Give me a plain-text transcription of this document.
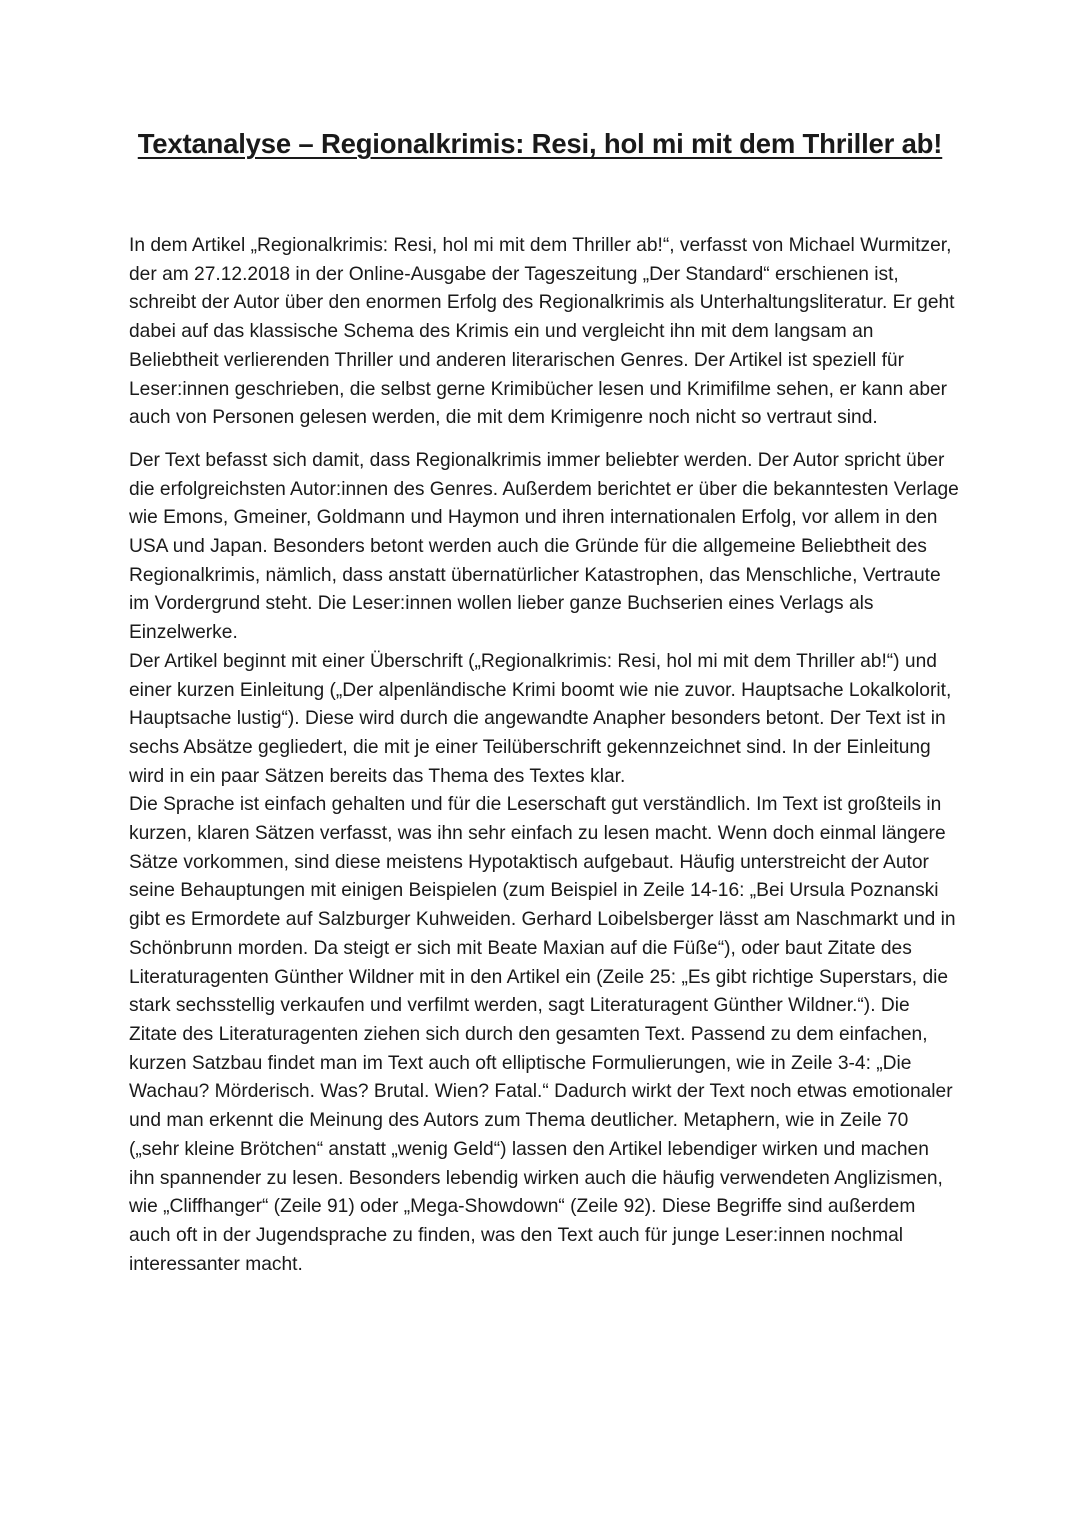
Textanalyse – Regionalkrimis: Resi, hol mi mit dem Thriller ab!

In dem Artikel „Regionalkrimis: Resi, hol mi mit dem Thriller ab!“, verfasst von Michael Wurmitzer, der am 27.12.2018 in der Online-Ausgabe der Tageszeitung „Der Standard“ erschienen ist, schreibt der Autor über den enormen Erfolg des Regionalkrimis als Unterhaltungsliteratur. Er geht dabei auf das klassische Schema des Krimis ein und vergleicht ihn mit dem langsam an Beliebtheit verlierenden Thriller und anderen literarischen Genres. Der Artikel ist speziell für Leser:innen geschrieben, die selbst gerne Krimibücher lesen und Krimifilme sehen, er kann aber auch von Personen gelesen werden, die mit dem Krimigenre noch nicht so vertraut sind.

Der Text befasst sich damit, dass Regionalkrimis immer beliebter werden. Der Autor spricht über die erfolgreichsten Autor:innen des Genres. Außerdem berichtet er über die bekanntesten Verlage wie Emons, Gmeiner, Goldmann und Haymon und ihren internationalen Erfolg, vor allem in den USA und Japan. Besonders betont werden auch die Gründe für die allgemeine Beliebtheit des Regionalkrimis, nämlich, dass anstatt übernatürlicher Katastrophen, das Menschliche, Vertraute im Vordergrund steht. Die Leser:innen wollen lieber ganze Buchserien eines Verlags als Einzelwerke.

Der Artikel beginnt mit einer Überschrift („Regionalkrimis: Resi, hol mi mit dem Thriller ab!“) und einer kurzen Einleitung („Der alpenländische Krimi boomt wie nie zuvor. Hauptsache Lokalkolorit, Hauptsache lustig“). Diese wird durch die angewandte Anapher besonders betont. Der Text ist in sechs Absätze gegliedert, die mit je einer Teilüberschrift gekennzeichnet sind. In der Einleitung wird in ein paar Sätzen bereits das Thema des Textes klar.

Die Sprache ist einfach gehalten und für die Leserschaft gut verständlich. Im Text ist großteils in kurzen, klaren Sätzen verfasst, was ihn sehr einfach zu lesen macht. Wenn doch einmal längere Sätze vorkommen, sind diese meistens Hypotaktisch aufgebaut. Häufig unterstreicht der Autor seine Behauptungen mit einigen Beispielen (zum Beispiel in Zeile 14-16: „Bei Ursula Poznanski gibt es Ermordete auf Salzburger Kuhweiden. Gerhard Loibelsberger lässt am Naschmarkt und in Schönbrunn morden. Da steigt er sich mit Beate Maxian auf die Füße“), oder baut Zitate des Literaturagenten Günther Wildner mit in den Artikel ein (Zeile 25: „Es gibt richtige Superstars, die stark sechsstellig verkaufen und verfilmt werden, sagt Literaturagent Günther Wildner.“). Die Zitate des Literaturagenten ziehen sich durch den gesamten Text. Passend zu dem einfachen, kurzen Satzbau findet man im Text auch oft elliptische Formulierungen, wie in Zeile 3-4: „Die Wachau? Mörderisch. Was? Brutal. Wien? Fatal.“ Dadurch wirkt der Text noch etwas emotionaler und man erkennt die Meinung des Autors zum Thema deutlicher. Metaphern, wie in Zeile 70 („sehr kleine Brötchen“ anstatt „wenig Geld“) lassen den Artikel lebendiger wirken und machen ihn spannender zu lesen. Besonders lebendig wirken auch die häufig verwendeten Anglizismen, wie „Cliffhanger“ (Zeile 91) oder „Mega-Showdown“ (Zeile 92). Diese Begriffe sind außerdem auch oft in der Jugendsprache zu finden, was den Text auch für junge Leser:innen nochmal interessanter macht.
